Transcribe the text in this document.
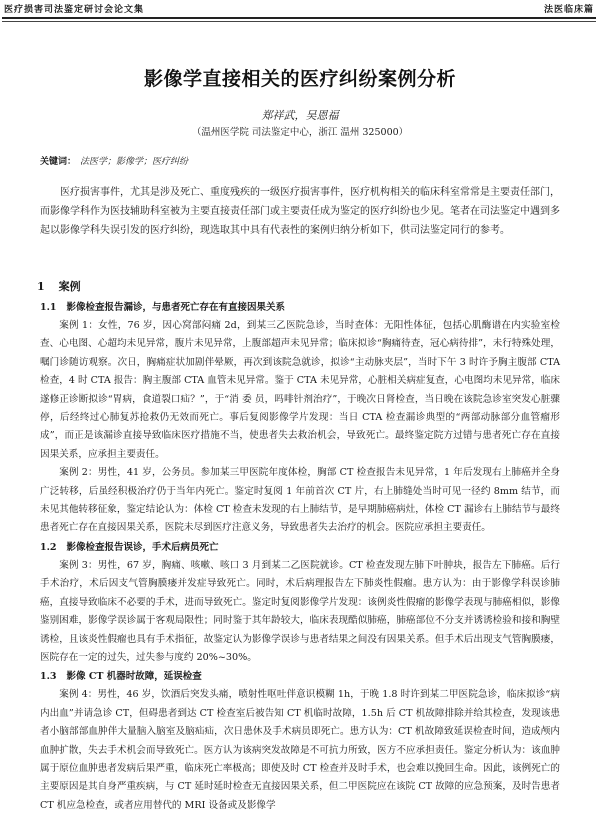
医疗损害司法鉴定研讨会论文集	法医临床篇
影像学直接相关的医疗纠纷案例分析
郑祥武，吴恩福
（温州医学院 司法鉴定中心，浙江 温州 325000）
关键词： 法医学；影像学；医疗纠纷

医疗损害事件，尤其是涉及死亡、重度残疾的一级医疗损害事件，医疗机构相关的临床科室常常是主要责任部门，而影像学科作为医技辅助科室被为主要直接责任部门或主要责任成为鉴定的医疗纠纷也少见。笔者在司法鉴定中遇到多起以影像学科失误引发的医疗纠纷，现选取其中具有代表性的案例归纳分析如下，供司法鉴定同行的参考。

1 案例

1.1 影像检查报告漏诊，与患者死亡存在有直接因果关系

案例 1：女性，76 岁，因心窝部闷痛 2d，到某三乙医院急诊，当时查体：无阳性体征，包括心肌酶谱在内实验室检查、心电图、心超均未见异常，腹片未见异常，上腹部超声未见异常；临床拟诊“胸痛待查，冠心病待排”，未行特殊处理，嘱门诊随访观察。次日，胸痛症状加剧伴晕厥，再次到该院急就诊，拟诊“主动脉夹层”，当时下午 3 时许予胸主腹部 CTA 检查，4 时 CTA 报告：胸主腹部 CTA 血管未见异常。鉴于 CTA 未见异常，心脏相关病症复查，心电图均未见异常，临床遂修正诊断拟诊“胃病，食道裂口疝？”，于“消 委 员，吗啡针剂治疗”，于晚次日肾检查，当日晚在该院急诊室突发心脏骤停，后经终过心肺复苏抢救仍无效而死亡。事后复阅影像学片发现：当日 CTA 检查漏诊典型的“两部动脉部分血管瘤形成”，而正是该漏诊直接导致临床医疗措施不当，使患者失去救治机会，导致死亡。最终鉴定院方过错与患者死亡存在直接因果关系，应承担主要责任。

案例 2：男性，41 岁，公务员。参加某三甲医院年度体检，胸部 CT 检查报告未见异常，1 年后发现右上肺癌并全身广泛转移，后虽经积极治疗仍于当年内死亡。鉴定时复阅 1 年前首次 CT 片，右上肺缝处当时可见一径约 8mm 结节，而未见其他转移征象，鉴定结论认为：体检 CT 检查未发现的右上肺结节，是早期肺癌病灶，体检 CT 漏诊右上肺结节与最终患者死亡存在直接因果关系，医院未尽到医疗注意义务，导致患者失去治疗的机会。医院应承担主要责任。

1.2 影像检查报告误诊，手术后病员死亡

案例 3：男性，67 岁，胸痛、咳嗽、咳口 3 月到某二乙医院就诊。CT 检查发现左肺下叶肿块，报告左下肺癌。后行手术治疗，术后因支气管胸膜瘘并发症导致死亡。同时，术后病理报告左下肺炎性假瘤。患方认为：由于影像学科误诊肺癌，直接导致临床不必要的手术，进而导致死亡。鉴定时复阅影像学片发现：该例炎性假瘤的影像学表现与肺癌相似，影像鉴别困难，影像学误诊属于客观局限性；同时鉴于其年龄较大，临床表现酷似肺癌，肺癌部位不分支并诱诱检验和接和胸壁诱检，且该炎性假瘤也具有手术指征，故鉴定认为影像学误诊与患者结果之间没有因果关系。但手术后出现支气管胸膜瘘，医院存在一定的过失，过失参与度约 20%~30%。

1.3 影像 CT 机器时故障，延误检查

案例 4：男性，46 岁，饮酒后突发头痛，喷射性呕吐伴意识模糊 1h，于晚 1.8 时许到某二甲医院急诊，临床拟诊“病内出血”并请急诊 CT，但碍患者到达 CT 检查室后被告知 CT 机临时故障，1.5h 后 CT 机故障排除并给其检查，发现该患者小脑部部血肿伴大量脑入脑室及脑疝疝，次日患休及手术病员即死亡。患方认为：CT 机故障致延误检查时间，造成颅内血肿扩散，失去手术机会而导致死亡。医方认为该病突发故障是不可抗力所致，医方不应承担责任。鉴定分析认为：该血肿属于原位血肿患者发病后果严重，临床死亡率极高；即使及时 CT 检查并及时手术，也会难以挽回生命。因此，该例死亡的主要原因是其自身严重疾病，与 CT 延时延时检查无直接因果关系，但二甲医院应在该院 CT 故障的应急预案，及时告患者 CT 机应急检查，或者应用替代的 MRI 设备或及影像学
